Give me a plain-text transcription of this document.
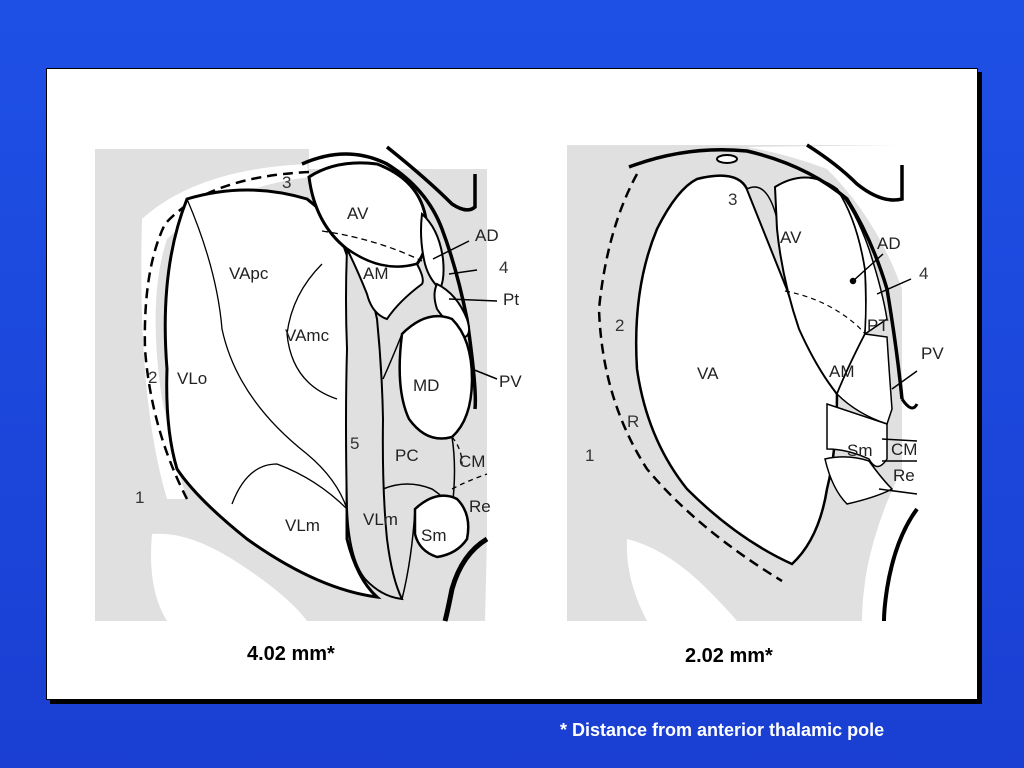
AV
AM
AD
4
Pt
VApc
VAmc
VLo	MD	PV
5
PC CM
VLm	VLm
Re
Sm
1
2
3
3
AV	AD
4
2	PT
PV
VA	AM
R
1	Sm CM
Re
4.02 mm*	2.02 mm*
* Distance from anterior thalamic pole
